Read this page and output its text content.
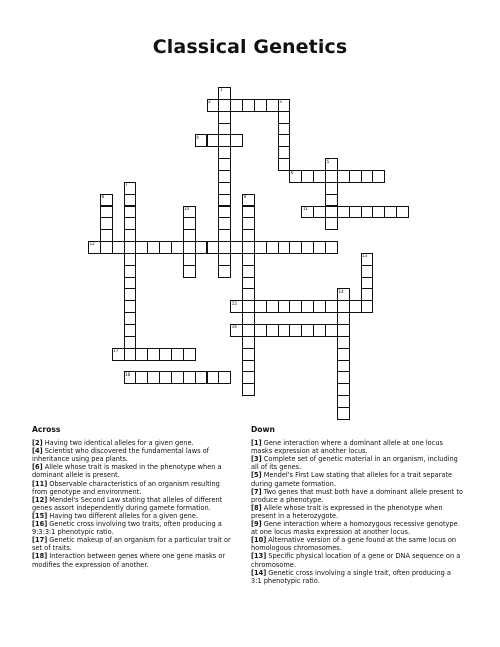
Classical Genetics
1
2	3
4
5
6
7
8	9
10	11
12
13
14
15
16
17
18
Across

[2] Having two identical alleles for a given gene.

[4] Scientist who discovered the fundamental laws of inheritance using pea plants.

[6] Allele whose trait is masked in the phenotype when a dominant allele is present.

[11] Observable characteristics of an organism resulting from genotype and environment.

[12] Mendel's Second Law stating that alleles of different genes assort independently during gamete formation.

[15] Having two different alleles for a given gene.

[16] Genetic cross involving two traits, often producing a 9:3:3:1 phenotypic ratio.

[17] Genetic makeup of an organism for a particular trait or set of traits.

[18] Interaction between genes where one gene masks or modifies the expression of another.

Down

[1] Gene interaction where a dominant allele at one locus masks expression at another locus.

[3] Complete set of genetic material in an organism, including all of its genes.

[5] Mendel's First Law stating that alleles for a trait separate during gamete formation.

[7] Two genes that must both have a dominant allele present to produce a phenotype.

[8] Allele whose trait is expressed in the phenotype when present in a heterozygote.

[9] Gene interaction where a homozygous recessive genotype at one locus masks expression at another locus.

[10] Alternative version of a gene found at the same locus on homologous chromosomes.

[13] Specific physical location of a gene or DNA sequence on a chromosome.

[14] Genetic cross involving a single trait, often producing a 3:1 phenotypic ratio.
